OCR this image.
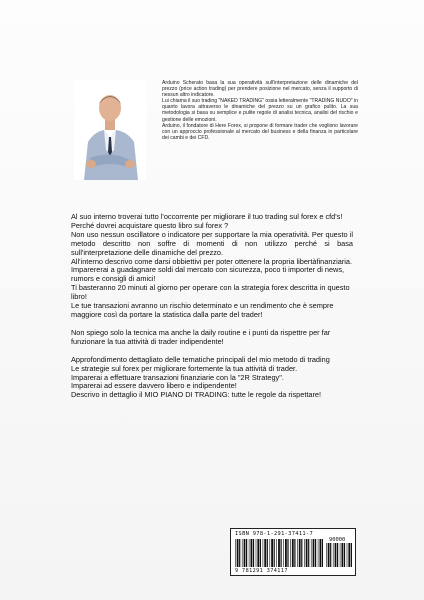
Arduino Scherato basa la sua operatività sull'interpretazione delle dinamiche del prezzo (price action trading) per prendere posizione nel mercato, senza il supporto di nessun altro indicatore.

Lui chiama il suo trading "NAKED TRADING" ossia letteralmente "TRADING NUDO" in quanto lavora attraverso le dinamiche del prezzo su un grafico pulito. La sua metodologia si basa su semplice e pulite regole di analisi tecnica, analisi del rischio e gestione delle emozioni.

Arduino, il fondatore di Here Forex, si propone di formare trader che vogliono lavorare con un approccio professionale al mercato del business e della finanza in particolare dei cambi e dei CFD.

Al suo interno troverai tutto l'occorrente per migliorare il tuo trading sul forex e cfd's!

Perché dovrei acquistare questo libro sul forex ?

Non uso nessun oscillatore o indicatore per supportare la mia operatività. Per questo il metodo descritto non soffre di momenti di non utilizzo perché si basa sull'interpretazione delle dinamiche del prezzo.

All'interno descrivo come darsi obbiettivi per poter ottenere la propria libertàfinanziaria.

Imparererai a guadagnare soldi dal mercato con sicurezza, poco ti importer di news, rumors e consigli di amici!

Ti basteranno 20 minuti al giorno per operare con la strategia forex descritta in questo libro!

Le tue transazioni avranno un rischio determinato e un rendimento che è sempre maggiore così da portare la statistica dalla parte del trader!

Non spiego solo la tecnica ma anche la daily routine e i punti da rispettre per far funzionare la tua attività di trader indipendente!

Approfondimento dettagliato delle tematiche principali del mio metodo di trading

Le strategie sul forex per migliorare fortemente la tua attività di trader.

Imparerai a effettuare transazioni finanziarie con la "2R Strategy".

Imparerai ad essere davvero libero e indipendente!

Descrivo in dettaglio il MIO PIANO DI TRADING: tutte le regole da rispettare!

ISBN 978-1-291-37411-7
90000
9 781291 374117
